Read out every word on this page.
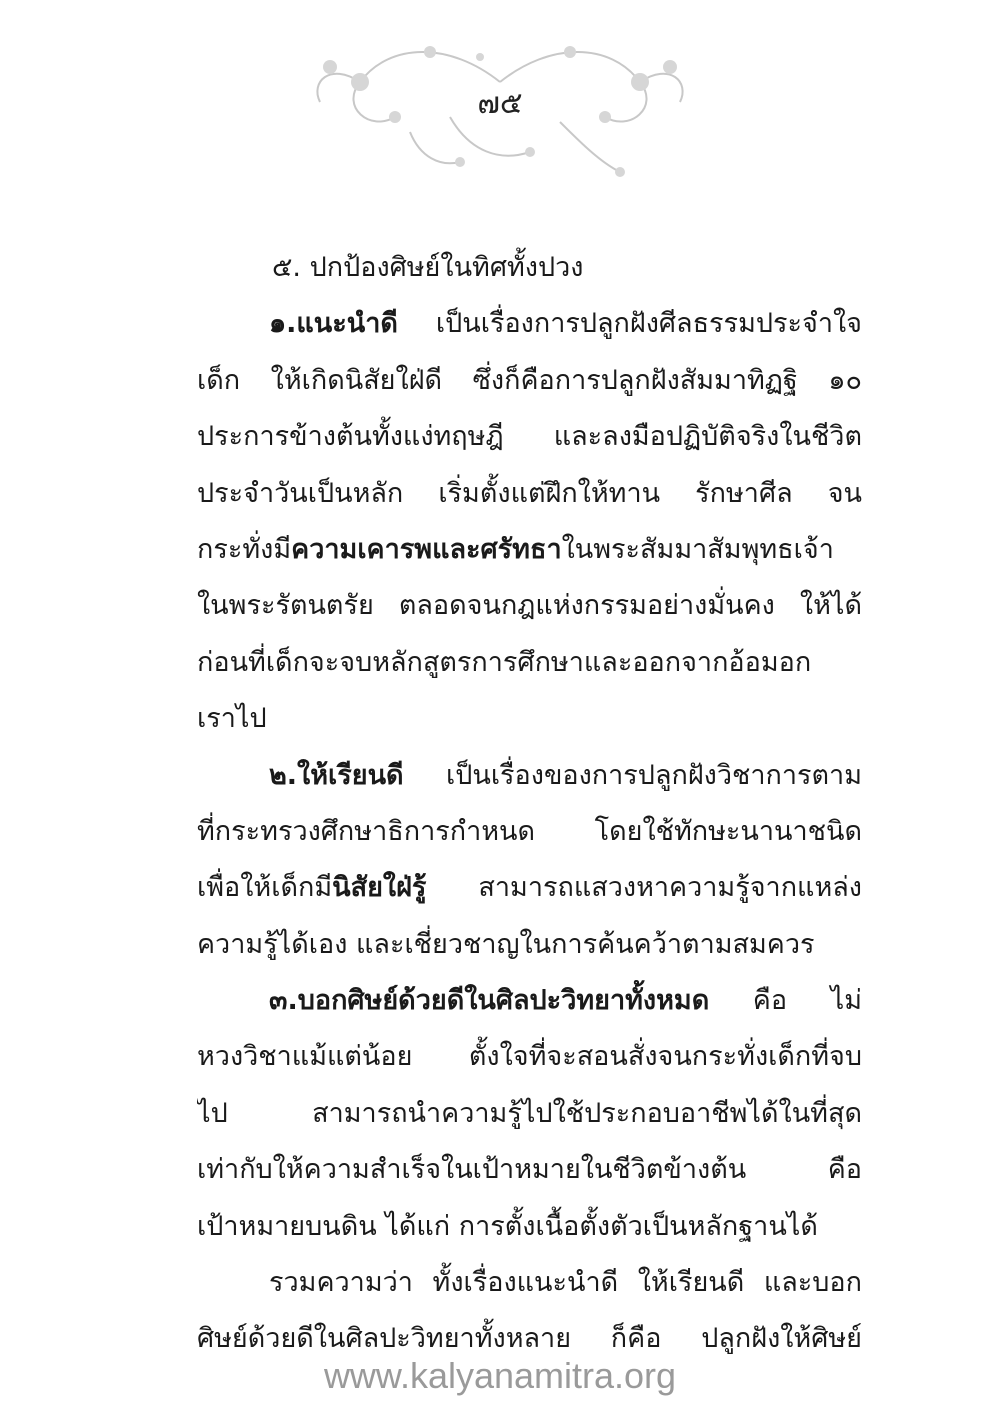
๗๕
๕. ปกป้องศิษย์ในทิศทั้งปวง
๑.แนะนำดี เป็นเรื่องการปลูกฝังศีลธรรมประจำใจ
เด็ก ให้เกิดนิสัยใฝ่ดี ซึ่งก็คือการปลูกฝังสัมมาทิฏฐิ ๑๐
ประการข้างต้นทั้งแง่ทฤษฎี และลงมือปฏิบัติจริงในชีวิต
ประจำวันเป็นหลัก เริ่มตั้งแต่ฝึกให้ทาน รักษาศีล จน
กระทั่งมีความเคารพและศรัทธาในพระสัมมาสัมพุทธเจ้า
ในพระรัตนตรัย ตลอดจนกฎแห่งกรรมอย่างมั่นคง ให้ได้
ก่อนที่เด็กจะจบหลักสูตรการศึกษาและออกจากอ้อมอก
เราไป
๒.ให้เรียนดี เป็นเรื่องของการปลูกฝังวิชาการตาม
ที่กระทรวงศึกษาธิการกำหนด โดยใช้ทักษะนานาชนิด
เพื่อให้เด็กมีนิสัยใฝ่รู้ สามารถแสวงหาความรู้จากแหล่ง
ความรู้ได้เอง และเชี่ยวชาญในการค้นคว้าตามสมควร
๓.บอกศิษย์ด้วยดีในศิลปะวิทยาทั้งหมด คือ ไม่
หวงวิชาแม้แต่น้อย ตั้งใจที่จะสอนสั่งจนกระทั่งเด็กที่จบ
ไป สามารถนำความรู้ไปใช้ประกอบอาชีพได้ในที่สุด
เท่ากับให้ความสำเร็จในเป้าหมายในชีวิตข้างต้น คือ
เป้าหมายบนดิน ได้แก่ การตั้งเนื้อตั้งตัวเป็นหลักฐานได้
รวมความว่า ทั้งเรื่องแนะนำดี ให้เรียนดี และบอก
ศิษย์ด้วยดีในศิลปะวิทยาทั้งหลาย ก็คือ ปลูกฝังให้ศิษย์
www.kalyanamitra.org
